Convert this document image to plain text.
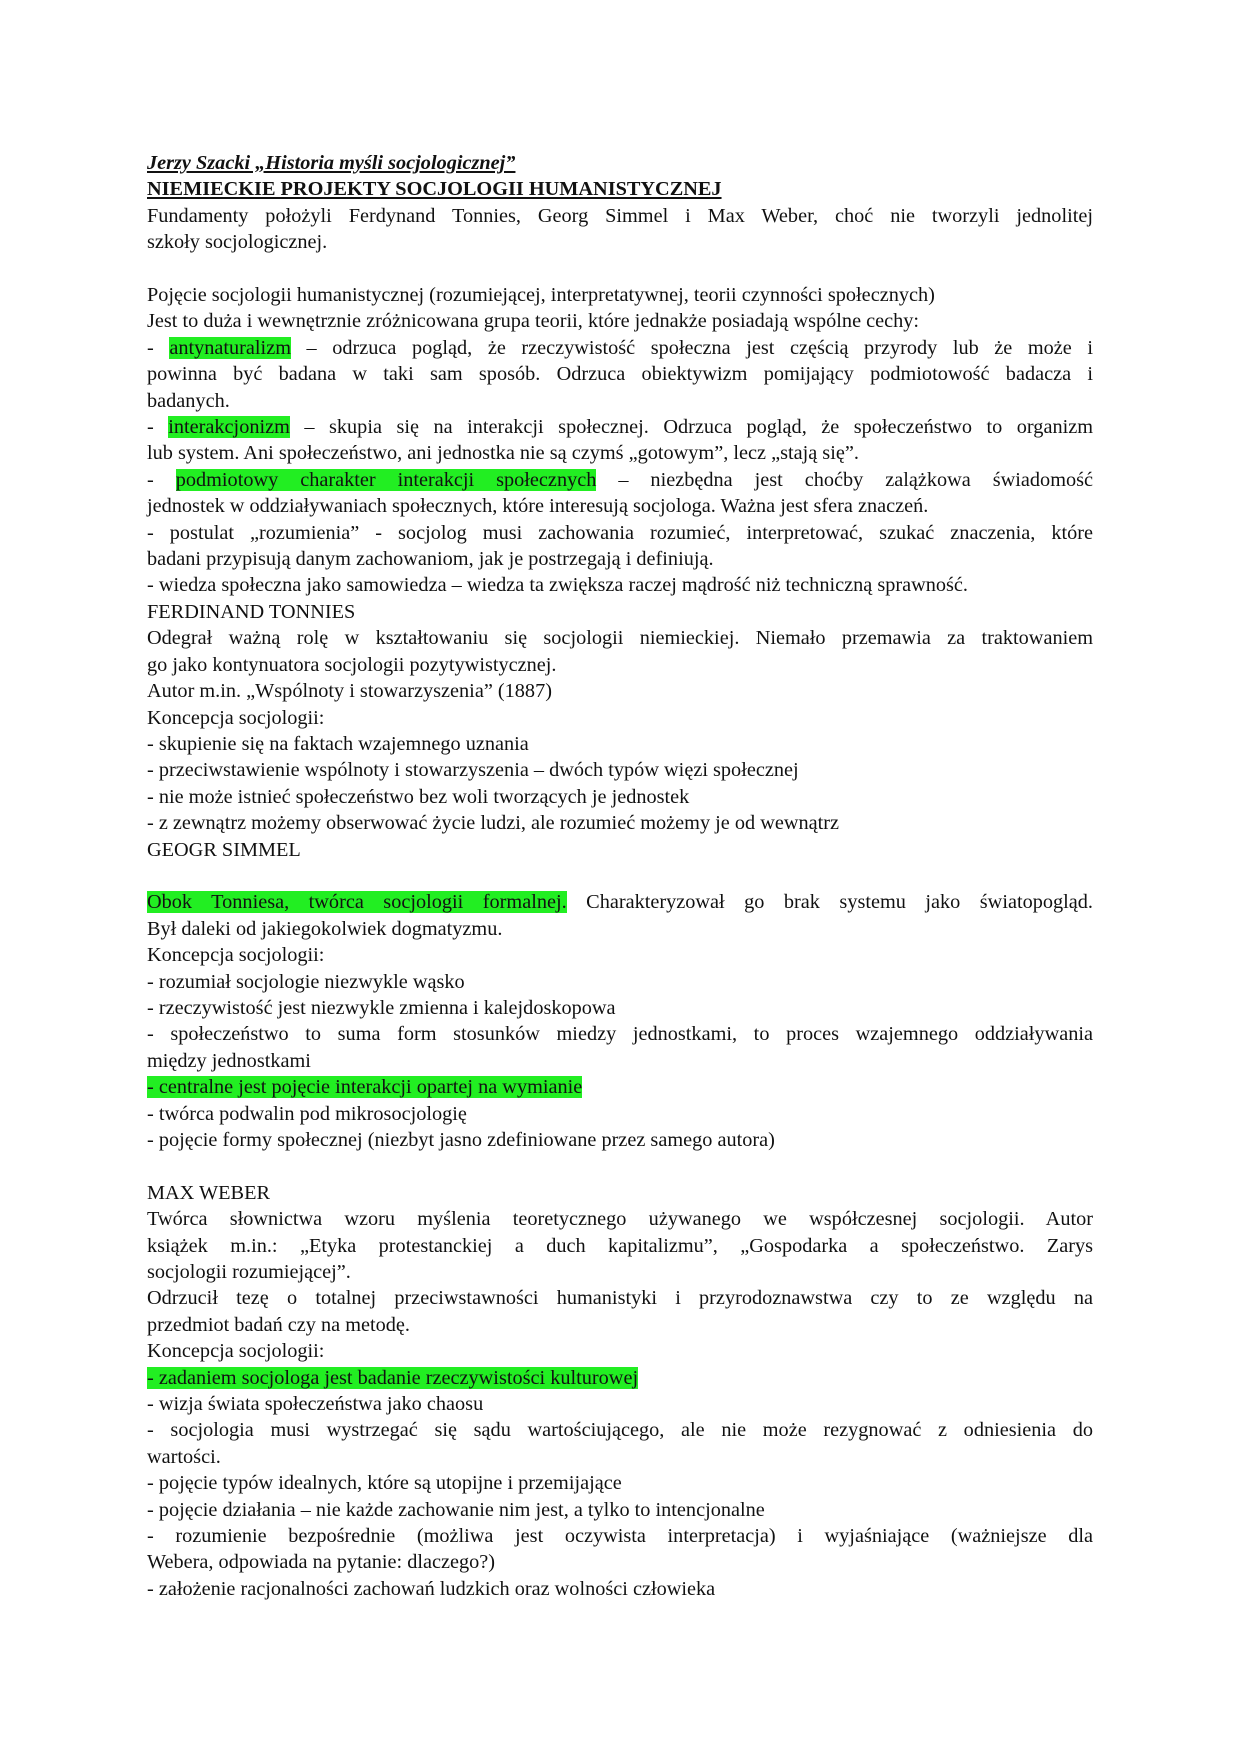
Jerzy Szacki „Historia myśli socjologicznej”
NIEMIECKIE PROJEKTY SOCJOLOGII HUMANISTYCZNEJ
Fundamenty położyli Ferdynand Tonnies, Georg Simmel i Max Weber, choć nie tworzyli jednolitej
szkoły socjologicznej.
Pojęcie socjologii humanistycznej (rozumiejącej, interpretatywnej, teorii czynności społecznych)
Jest to duża i wewnętrznie zróżnicowana grupa teorii, które jednakże posiadają wspólne cechy:
- antynaturalizm – odrzuca pogląd, że rzeczywistość społeczna jest częścią przyrody lub że może i
powinna być badana w taki sam sposób. Odrzuca obiektywizm pomijający podmiotowość badacza i
badanych.
- interakcjonizm – skupia się na interakcji społecznej. Odrzuca pogląd, że społeczeństwo to organizm
lub system. Ani społeczeństwo, ani jednostka nie są czymś „gotowym”, lecz „stają się”.
- podmiotowy charakter interakcji społecznych – niezbędna jest choćby zalążkowa świadomość
jednostek w oddziaływaniach społecznych, które interesują socjologa. Ważna jest sfera znaczeń.
- postulat „rozumienia” - socjolog musi zachowania rozumieć, interpretować, szukać znaczenia, które
badani przypisują danym zachowaniom, jak je postrzegają i definiują.
- wiedza społeczna jako samowiedza – wiedza ta zwiększa raczej mądrość niż techniczną sprawność.
FERDINAND TONNIES
Odegrał ważną rolę w kształtowaniu się socjologii niemieckiej. Niemało przemawia za traktowaniem
go jako kontynuatora socjologii pozytywistycznej.
Autor m.in. „Wspólnoty i stowarzyszenia” (1887)
Koncepcja socjologii:
- skupienie się na faktach wzajemnego uznania
- przeciwstawienie wspólnoty i stowarzyszenia – dwóch typów więzi społecznej
- nie może istnieć społeczeństwo bez woli tworzących je jednostek
- z zewnątrz możemy obserwować życie ludzi, ale rozumieć możemy je od wewnątrz
GEOGR SIMMEL
Obok Tonniesa, twórca socjologii formalnej. Charakteryzował go brak systemu jako światopogląd.
Był daleki od jakiegokolwiek dogmatyzmu.
Koncepcja socjologii:
- rozumiał socjologie niezwykle wąsko
- rzeczywistość jest niezwykle zmienna i kalejdoskopowa
- społeczeństwo to suma form stosunków miedzy jednostkami, to proces wzajemnego oddziaływania
między jednostkami
- centralne jest pojęcie interakcji opartej na wymianie
- twórca podwalin pod mikrosocjologię
- pojęcie formy społecznej (niezbyt jasno zdefiniowane przez samego autora)
MAX WEBER
Twórca słownictwa wzoru myślenia teoretycznego używanego we współczesnej socjologii. Autor
książek m.in.: „Etyka protestanckiej a duch kapitalizmu”, „Gospodarka a społeczeństwo. Zarys
socjologii rozumiejącej”.
Odrzucił tezę o totalnej przeciwstawności humanistyki i przyrodoznawstwa czy to ze względu na
przedmiot badań czy na metodę.
Koncepcja socjologii:
- zadaniem socjologa jest badanie rzeczywistości kulturowej
- wizja świata społeczeństwa jako chaosu
- socjologia musi wystrzegać się sądu wartościującego, ale nie może rezygnować z odniesienia do
wartości.
- pojęcie typów idealnych, które są utopijne i przemijające
- pojęcie działania – nie każde zachowanie nim jest, a tylko to intencjonalne
- rozumienie bezpośrednie (możliwa jest oczywista interpretacja) i wyjaśniające (ważniejsze dla
Webera, odpowiada na pytanie: dlaczego?)
- założenie racjonalności zachowań ludzkich oraz wolności człowieka
